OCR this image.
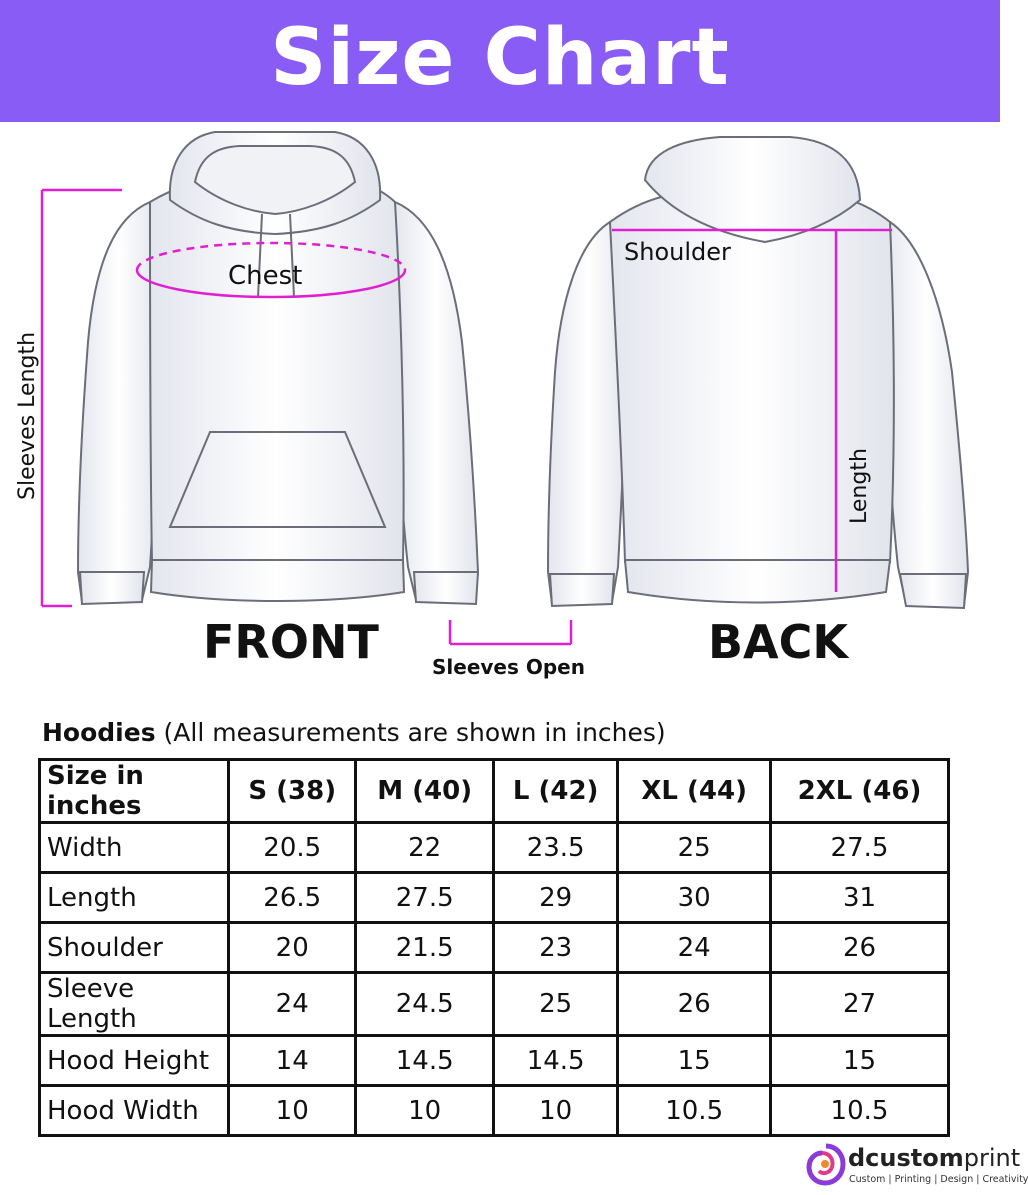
Size Chart
Chest
Shoulder
Length
Sleeves Length
FRONT	BACK
Sleeves Open
Hoodies (All measurements are shown in inches)
Size in inches	S (38)	M (40)	L (42)	XL (44)	2XL (46)
Width	20.5	22	23.5	25	27.5
Length	26.5	27.5	29	30	31
Shoulder	20	21.5	23	24	26
Sleeve Length	24	24.5	25	26	27
Hood Height	14	14.5	14.5	15	15
Hood Width	10	10	10	10.5	10.5
dcustomprint
Custom | Printing | Design | Creativity
